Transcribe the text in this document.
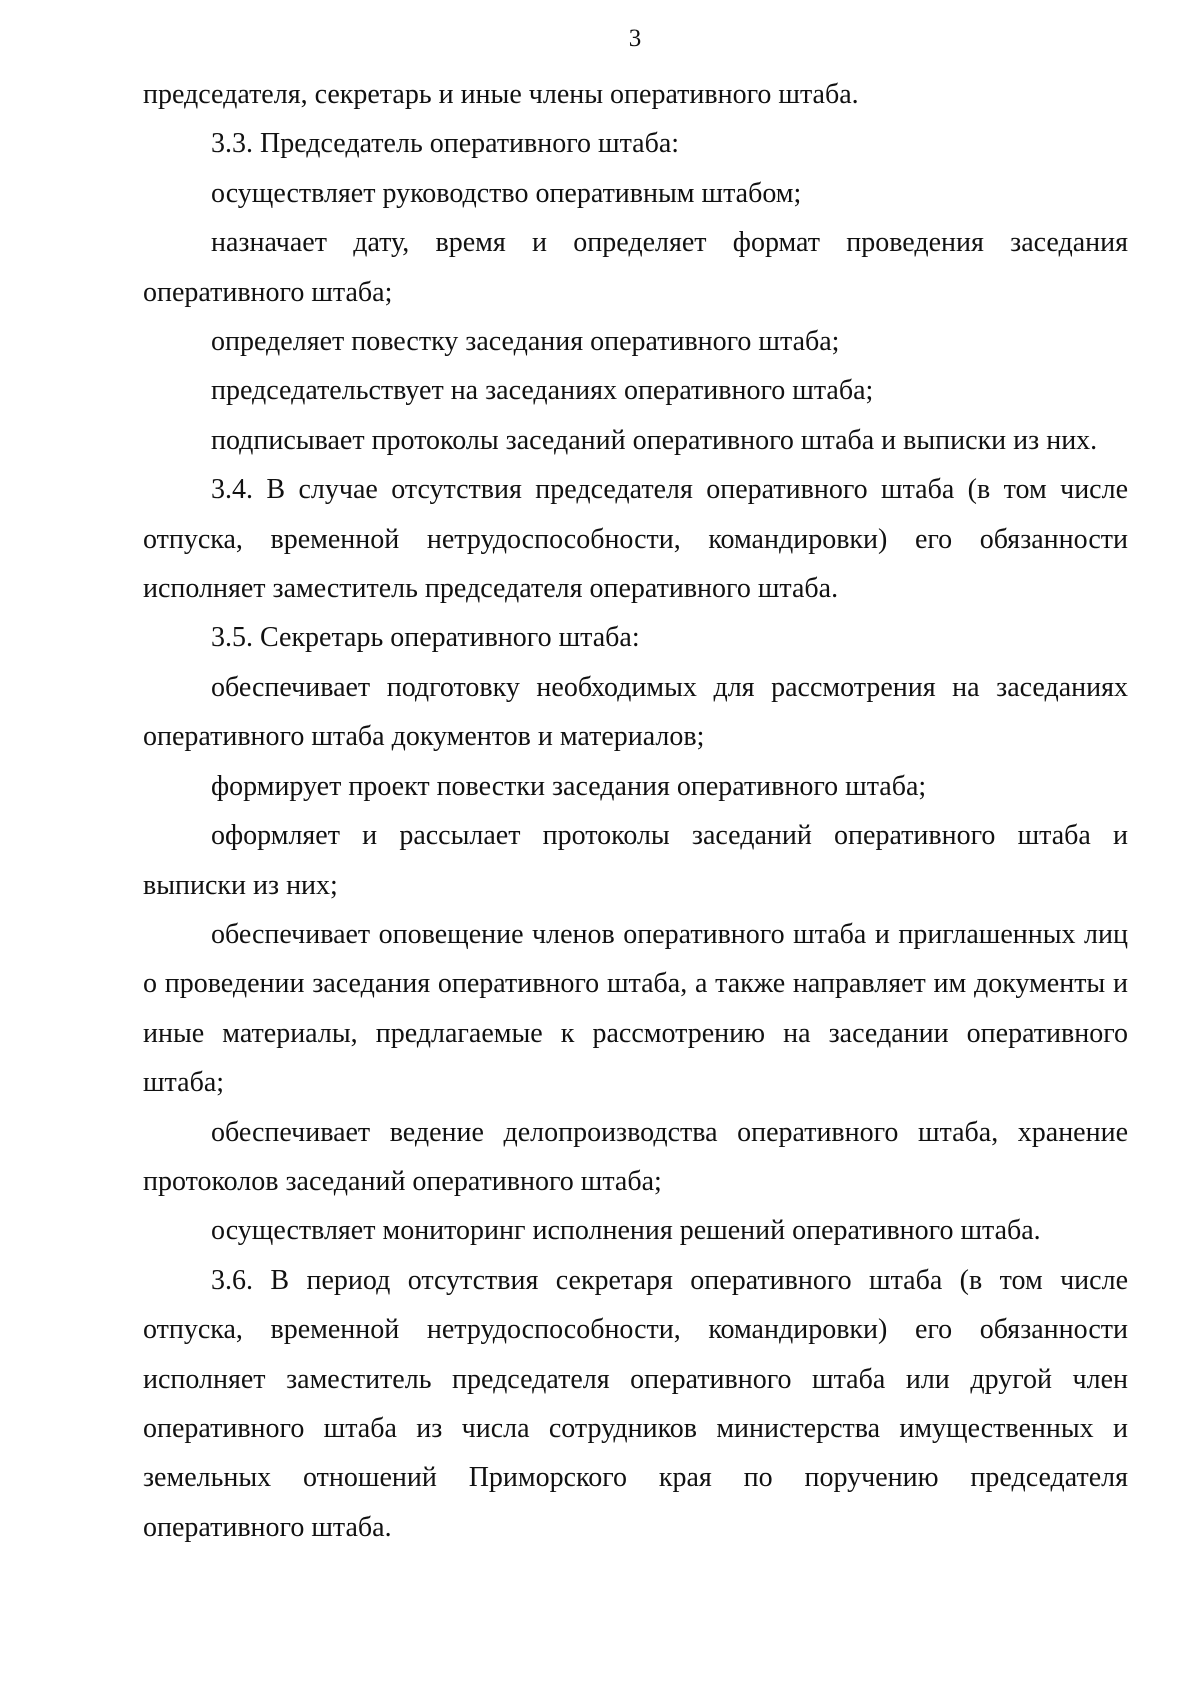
3

председателя, секретарь и иные члены оперативного штаба.

3.3. Председатель оперативного штаба:

осуществляет руководство оперативным штабом;

назначает дату, время и определяет формат проведения заседания оперативного штаба;

определяет повестку заседания оперативного штаба;

председательствует на заседаниях оперативного штаба;

подписывает протоколы заседаний оперативного штаба и выписки из них.

3.4. В случае отсутствия председателя оперативного штаба (в том числе отпуска, временной нетрудоспособности, командировки) его обязанности исполняет заместитель председателя оперативного штаба.

3.5. Секретарь оперативного штаба:

обеспечивает подготовку необходимых для рассмотрения на заседаниях оперативного штаба документов и материалов;

формирует проект повестки заседания оперативного штаба;

оформляет и рассылает протоколы заседаний оперативного штаба и выписки из них;

обеспечивает оповещение членов оперативного штаба и приглашенных лиц о проведении заседания оперативного штаба, а также направляет им документы и иные материалы, предлагаемые к рассмотрению на заседании оперативного штаба;

обеспечивает ведение делопроизводства оперативного штаба, хранение протоколов заседаний оперативного штаба;

осуществляет мониторинг исполнения решений оперативного штаба.

3.6. В период отсутствия секретаря оперативного штаба (в том числе отпуска, временной нетрудоспособности, командировки) его обязанности исполняет заместитель председателя оперативного штаба или другой член оперативного штаба из числа сотрудников министерства имущественных и земельных отношений Приморского края по поручению председателя оперативного штаба.
